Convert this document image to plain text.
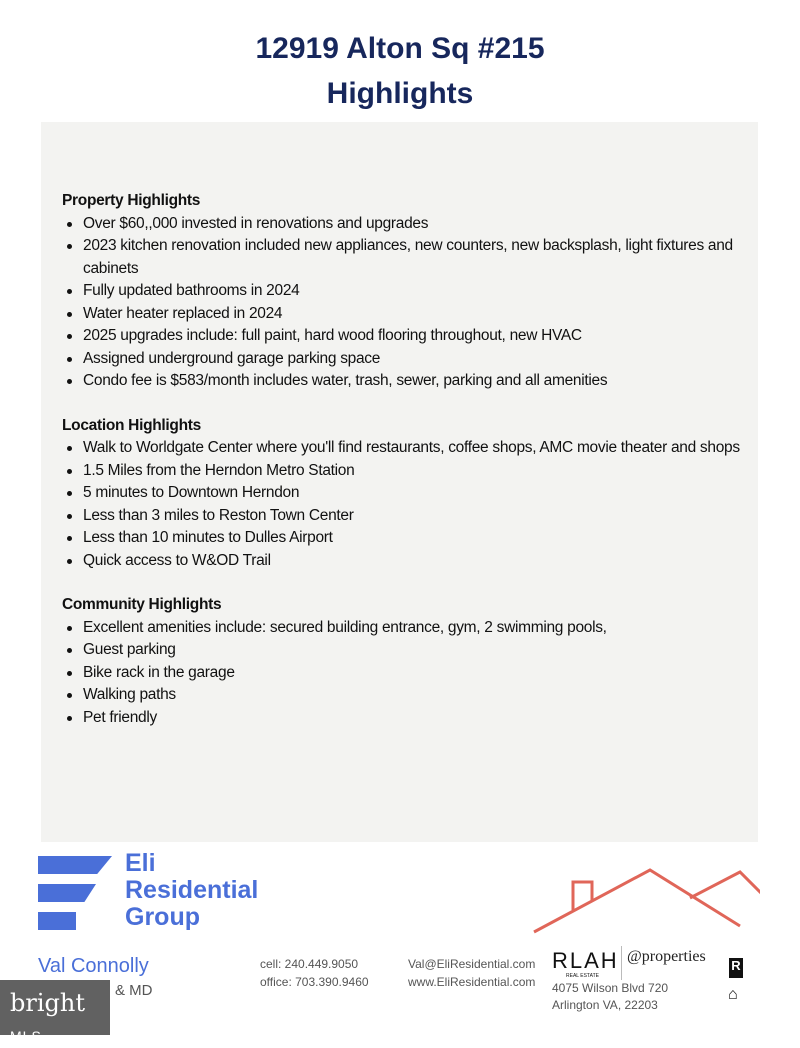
12919 Alton Sq #215
Highlights
Property Highlights
Over $60,,000 invested in renovations and upgrades
2023 kitchen renovation included new appliances, new counters, new backsplash, light fixtures and cabinets
Fully updated bathrooms in 2024
Water heater replaced in 2024
2025 upgrades include: full paint, hard wood flooring throughout, new HVAC
Assigned underground garage parking space
Condo fee is $583/month includes water, trash, sewer, parking and all amenities
Location Highlights
Walk to Worldgate Center where you'll find restaurants, coffee shops, AMC movie theater and shops
1.5 Miles from the Herndon Metro Station
5 minutes to Downtown Herndon
Less than 3 miles to Reston Town Center
Less than 10 minutes to Dulles Airport
Quick access to W&OD Trail
Community Highlights
Excellent amenities include: secured building entrance, gym, 2 swimming pools,
Guest parking
Bike rack in the garage
Walking paths
Pet friendly
Eli
Residential
Group
Val Connolly
& MD
cell: 240.449.9050
office: 703.390.9460
Val@EliResidential.com
www.EliResidential.com
RLAH
REAL ESTATE
@properties
4075 Wilson Blvd 720
Arlington VA, 22203
R
⌂
bright MLS
